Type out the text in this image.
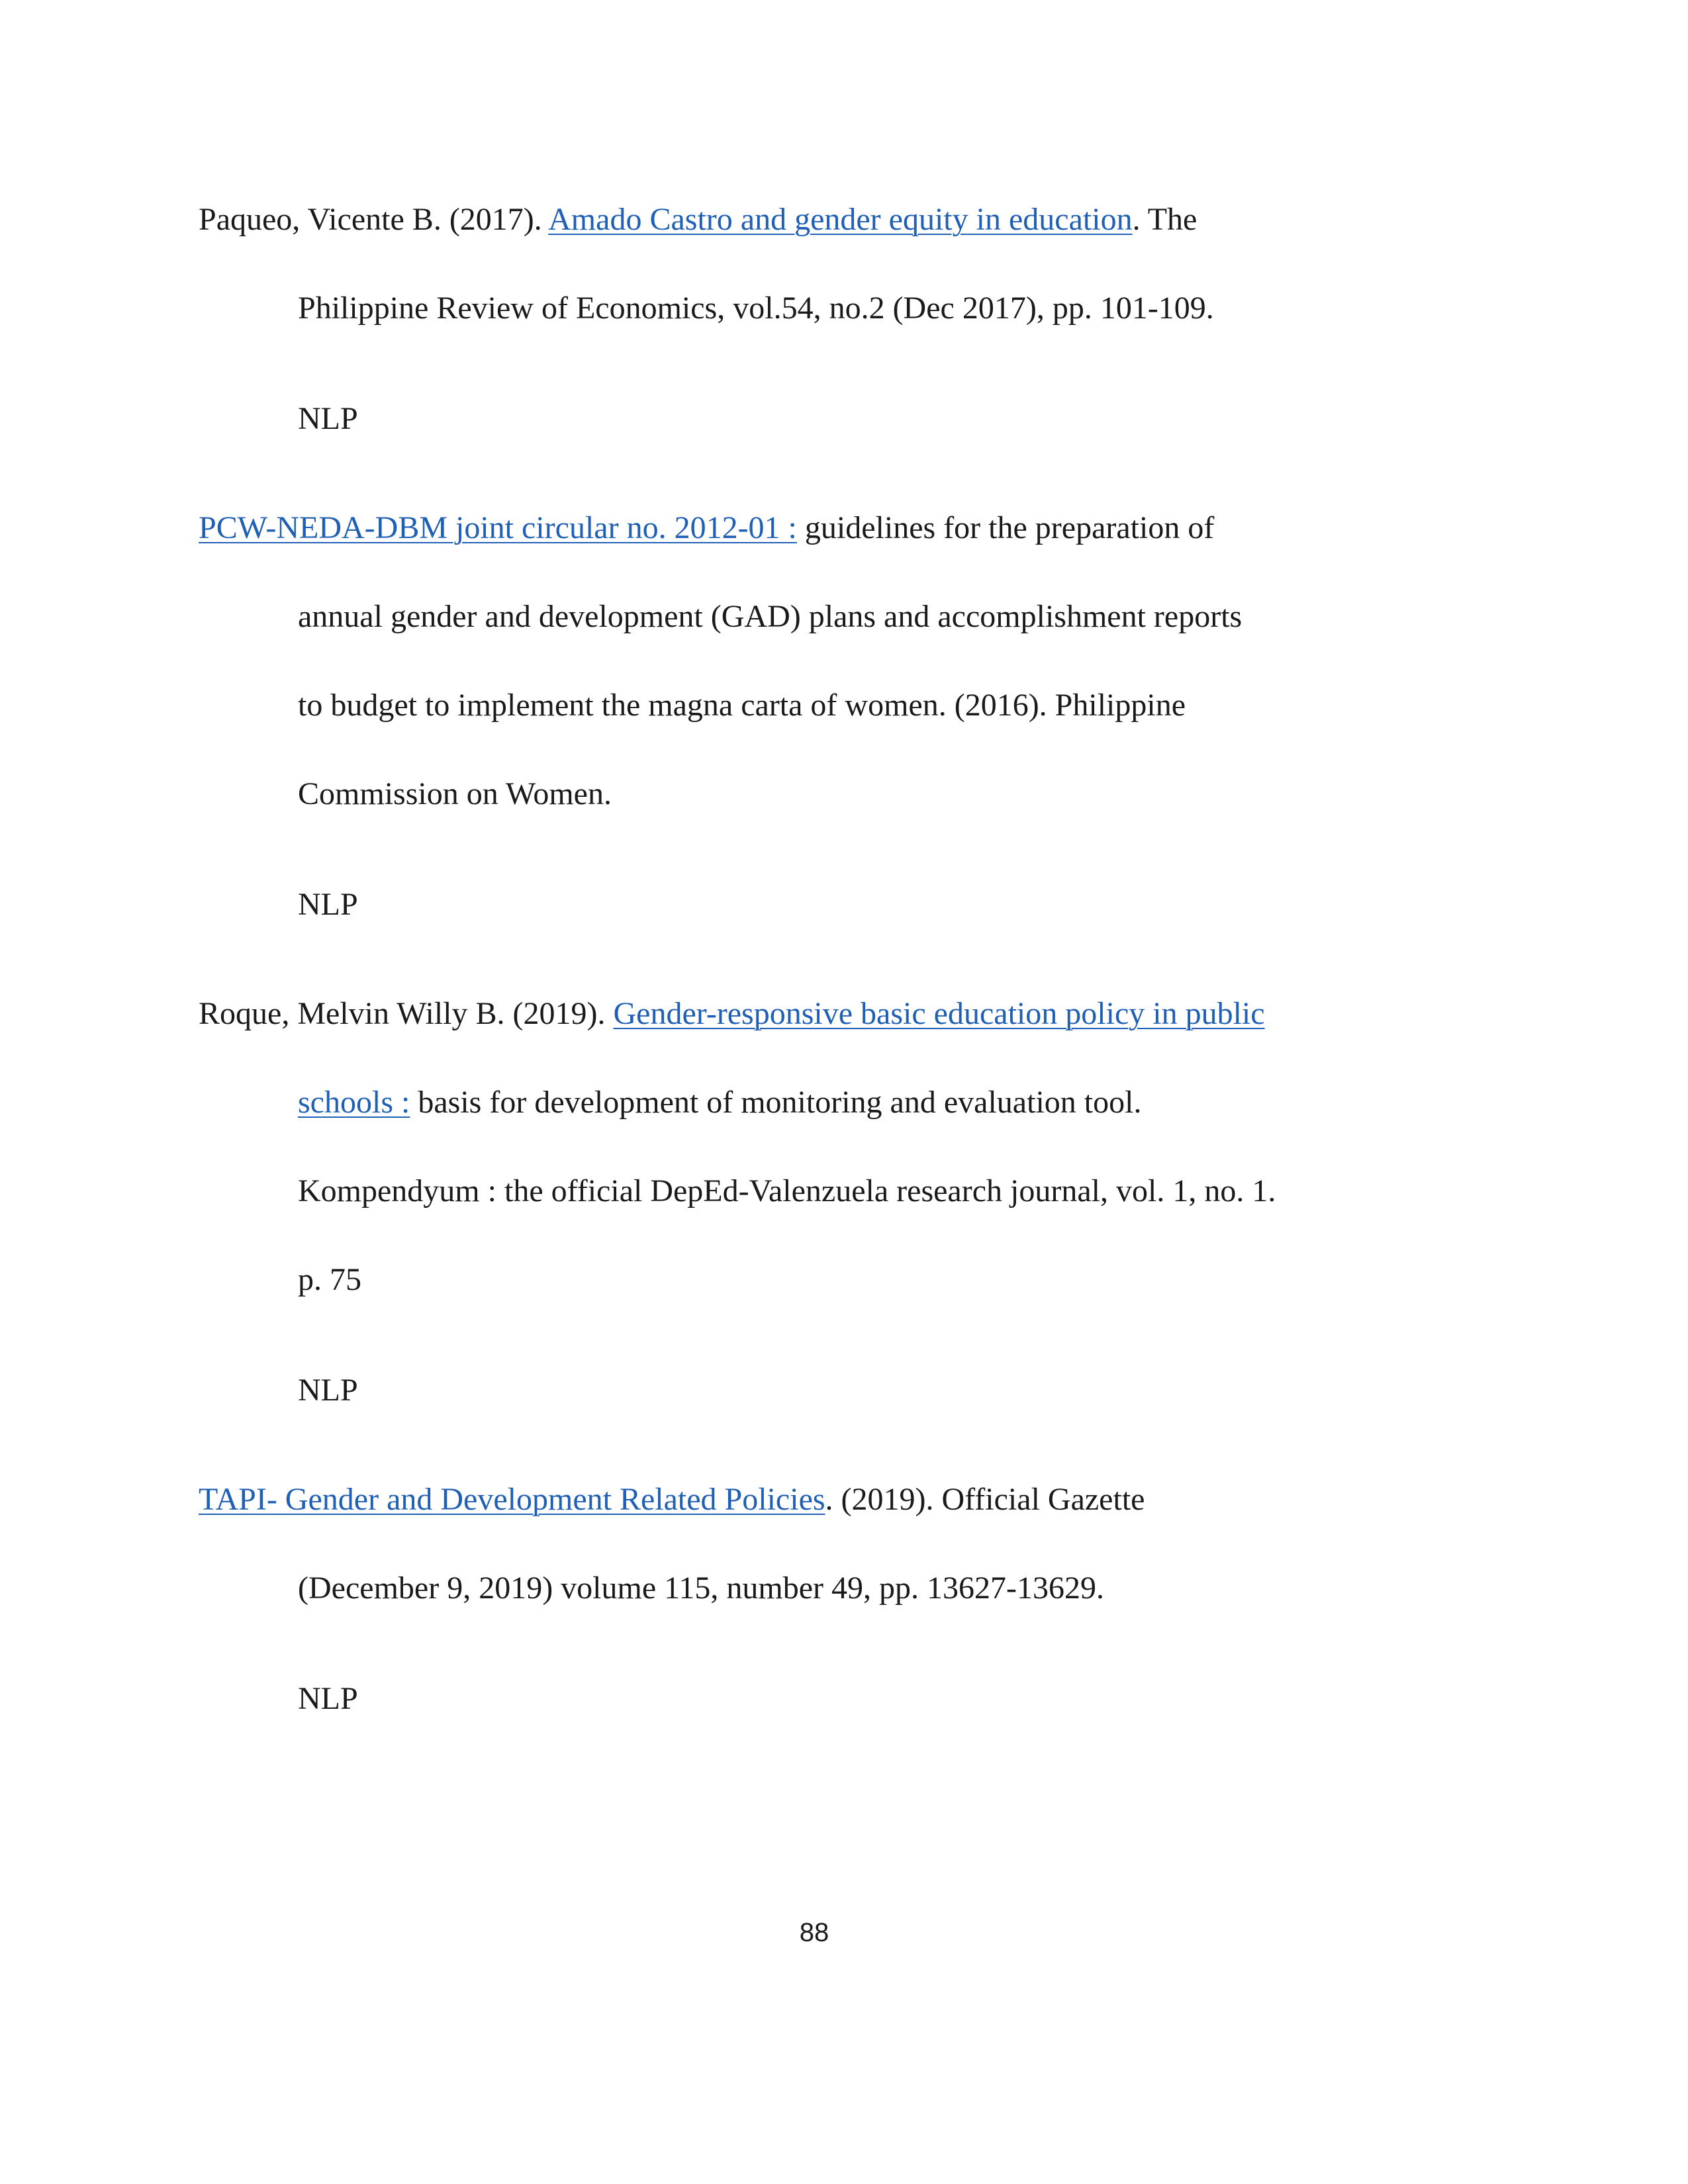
Paqueo, Vicente B. (2017). Amado Castro and gender equity in education. The
Philippine Review of Economics, vol.54, no.2 (Dec 2017), pp. 101-109.
NLP
PCW-NEDA-DBM joint circular no. 2012-01 : guidelines for the preparation of
annual gender and development (GAD) plans and accomplishment reports
to budget to implement the magna carta of women. (2016). Philippine
Commission on Women.
NLP
Roque, Melvin Willy B. (2019). Gender-responsive basic education policy in public
schools : basis for development of monitoring and evaluation tool.
Kompendyum : the official DepEd-Valenzuela research journal, vol. 1, no. 1.
p. 75
NLP
TAPI- Gender and Development Related Policies. (2019). Official Gazette
(December 9, 2019) volume 115, number 49, pp. 13627-13629.
NLP
88
